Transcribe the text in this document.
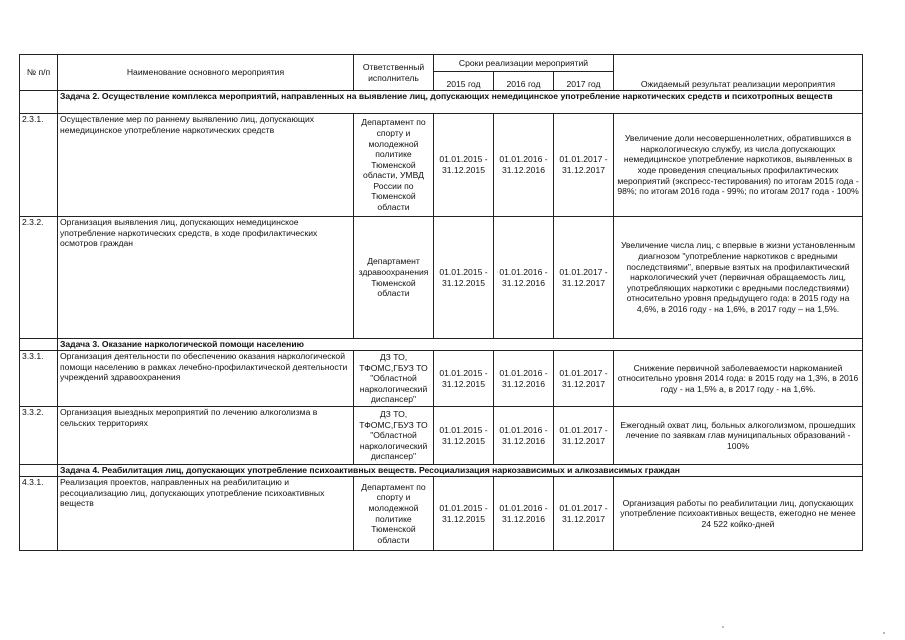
№ п/п	Наименование основного мероприятия	Ответственный исполнитель	Сроки реализации мероприятий			Ожидаемый результат реализации мероприятия
			2015 год	2016 год	2017 год	
	Задача 2. Осуществление комплекса мероприятий, направленных на выявление лиц, допускающих немедицинское употребление наркотических средств и психотропных веществ					
2.3.1.	Осуществление мер по раннему выявлению лиц, допускающих немедицинское употребление наркотических средств	Департамент по спорту и молодежной политике Тюменской области, УМВД России по Тюменской области	01.01.2015 - 31.12.2015	01.01.2016 - 31.12.2016	01.01.2017 - 31.12.2017	Увеличение доли несовершеннолетних, обратившихся в наркологическую службу, из числа допускающих немедицинское употребление наркотиков, выявленных в ходе проведения специальных профилактических мероприятий (экспресс-тестирования) по итогам 2015 года - 98%; по итогам 2016 года - 99%; по итогам 2017 года - 100%
2.3.2.	Организация выявления лиц, допускающих немедицинское употребление наркотических средств, в ходе профилактических осмотров граждан	Департамент здравоохранения Тюменской области	01.01.2015 - 31.12.2015	01.01.2016 - 31.12.2016	01.01.2017 - 31.12.2017	Увеличение числа лиц, с впервые в жизни установленным диагнозом "употребление наркотиков с вредными последствиями", впервые взятых на профилактический наркологический учет (первичная обращаемость лиц, употребляющих наркотики с вредными последствиями) относительно уровня предыдущего года: в 2015 году на 4,6%, в 2016 году - на 1,6%, в 2017 году – на 1,5%.
	Задача 3. Оказание наркологической помощи населению					
3.3.1.	Организация деятельности по обеспечению оказания наркологической помощи населению в рамках лечебно-профилактической деятельности учреждений здравоохранения	ДЗ ТО, ТФОМС,ГБУЗ ТО "Областной наркологический диспансер"	01.01.2015 - 31.12.2015	01.01.2016 - 31.12.2016	01.01.2017 - 31.12.2017	Снижение первичной заболеваемости наркоманией относительно уровня 2014 года: в 2015 году на 1,3%, в 2016 году - на 1,5% а, в 2017 году - на 1,6%.
3.3.2.	Организация выездных мероприятий по лечению алкоголизма в сельских территориях	ДЗ ТО, ТФОМС,ГБУЗ ТО "Областной наркологический диспансер"	01.01.2015 - 31.12.2015	01.01.2016 - 31.12.2016	01.01.2017 - 31.12.2017	Ежегодный охват лиц, больных алкоголизмом, прошедших лечение по заявкам глав муниципальных образований - 100%
	Задача 4. Реабилитация лиц, допускающих употребление психоактивных веществ. Ресоциализация наркозависимых и алкозависимых граждан					
4.3.1.	Реализация проектов, направленных на реабилитацию и ресоциализацию лиц, допускающих употребление психоактивных веществ	Департамент по спорту и молодежной политике Тюменской области	01.01.2015 - 31.12.2015	01.01.2016 - 31.12.2016	01.01.2017 - 31.12.2017	Организация работы по реабилитации лиц, допускающих употребление психоактивных веществ, ежегодно не менее 24 522 койко-дней
